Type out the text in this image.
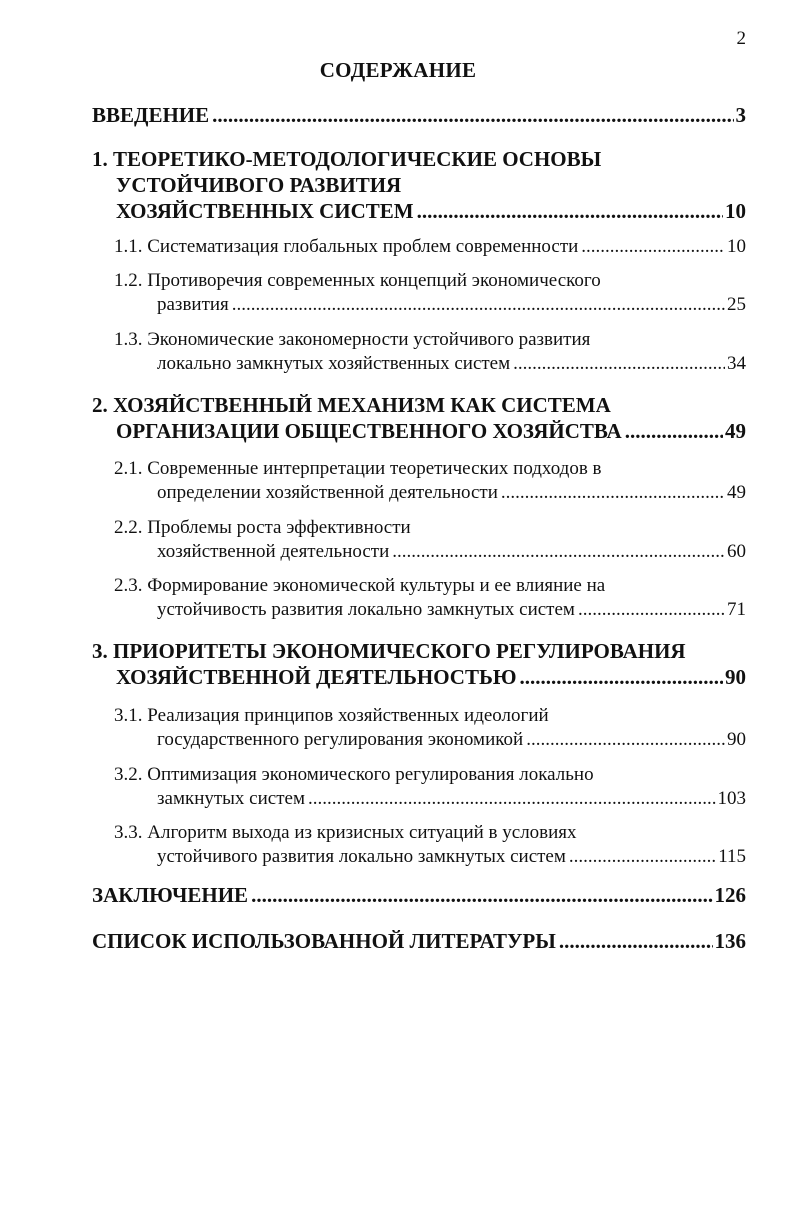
2
СОДЕРЖАНИЕ
ВВЕДЕНИЕ .....	3
1. ТЕОРЕТИКО-МЕТОДОЛОГИЧЕСКИЕ ОСНОВЫ
УСТОЙЧИВОГО РАЗВИТИЯ
ХОЗЯЙСТВЕННЫХ СИСТЕМ .....	10
1.1. Систематизация глобальных проблем современности .....	10
1.2. Противоречия современных концепций экономического
развития .....	25
1.3. Экономические закономерности устойчивого развития
локально замкнутых хозяйственных систем .....	34
2. ХОЗЯЙСТВЕННЫЙ МЕХАНИЗМ КАК СИСТЕМА
ОРГАНИЗАЦИИ ОБЩЕСТВЕННОГО ХОЗЯЙСТВА .....	49
2.1. Современные интерпретации теоретических подходов в
определении хозяйственной деятельности .....	49
2.2. Проблемы роста эффективности
хозяйственной деятельности .....	60
2.3. Формирование экономической культуры и ее влияние на
устойчивость развития локально замкнутых систем .....	71
3. ПРИОРИТЕТЫ ЭКОНОМИЧЕСКОГО РЕГУЛИРОВАНИЯ
ХОЗЯЙСТВЕННОЙ ДЕЯТЕЛЬНОСТЬЮ .....	90
3.1. Реализация принципов хозяйственных идеологий
государственного регулирования экономикой .....	90
3.2. Оптимизация экономического регулирования локально
замкнутых систем .....	103
3.3. Алгоритм выхода из кризисных ситуаций в условиях
устойчивого развития локально замкнутых систем .....	115
ЗАКЛЮЧЕНИЕ .....	126
СПИСОК ИСПОЛЬЗОВАННОЙ ЛИТЕРАТУРЫ .....	136
